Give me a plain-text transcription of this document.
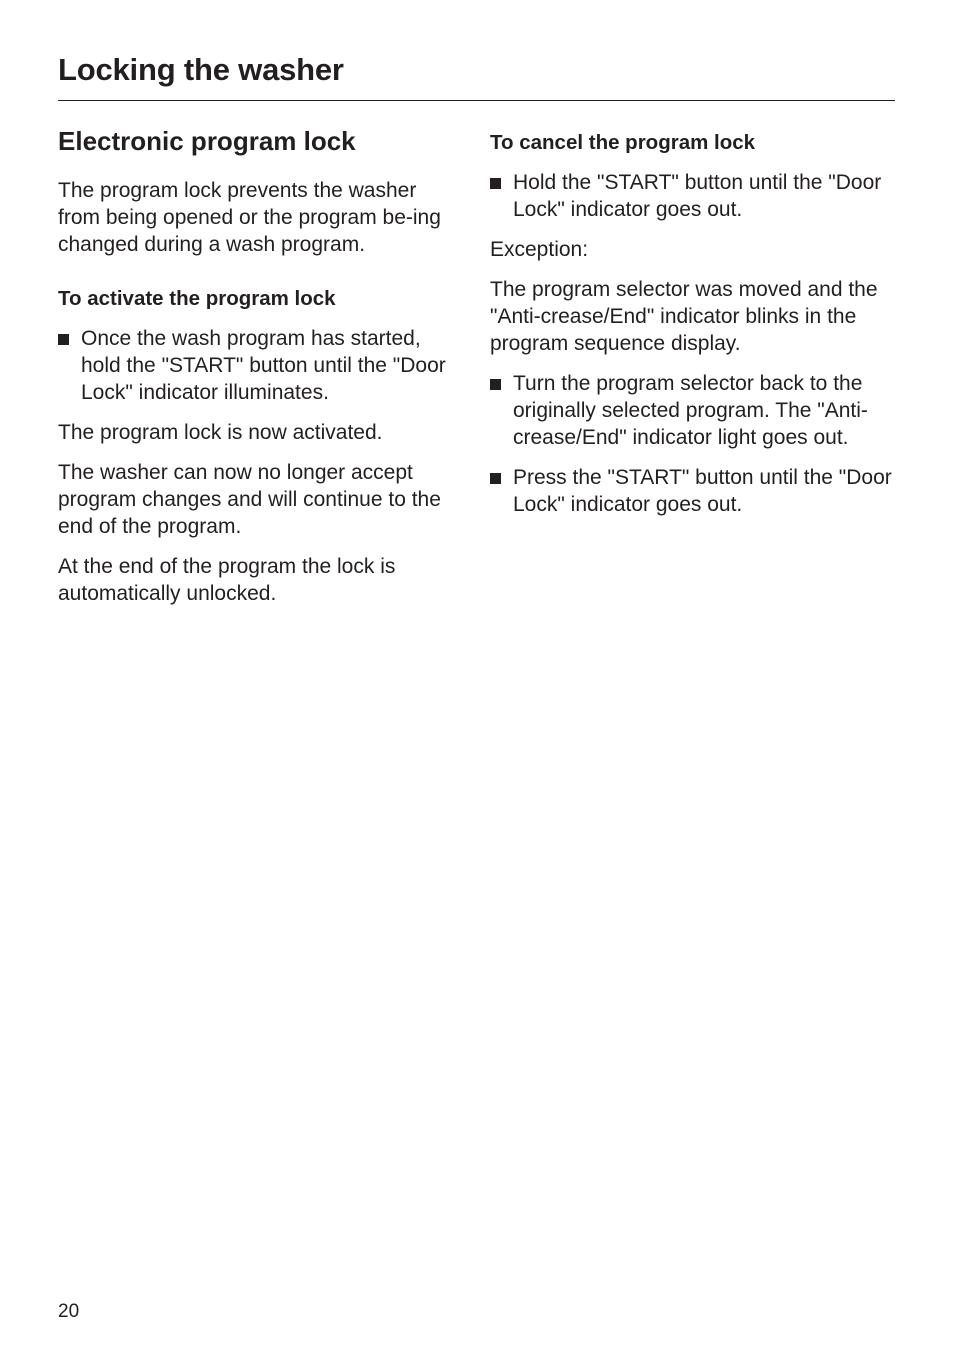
Locking the washer
Electronic program lock

The program lock prevents the washer from being opened or the program be-ing changed during a wash program.

To activate the program lock
Once the wash program has started, hold the "START" button until the "Door Lock" indicator illuminates.

The program lock is now activated.

The washer can now no longer accept program changes and will continue to the end of the program.

At the end of the program the lock is automatically unlocked.

To cancel the program lock
Hold the "START" button until the "Door Lock" indicator goes out.

Exception:

The program selector was moved and the "Anti-crease/End" indicator blinks in the program sequence display.

Turn the program selector back to the originally selected program. The "Anti-crease/End" indicator light goes out.
Press the "START" button until the "Door Lock" indicator goes out.
20
